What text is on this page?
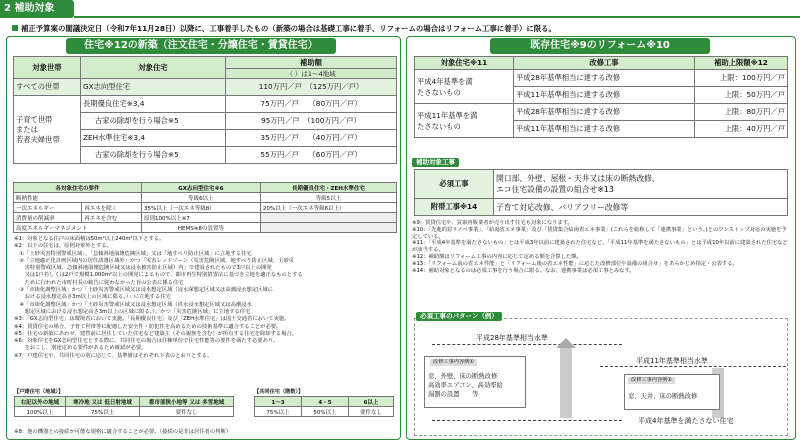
2 補助対象
補正予算案の閣議決定日（令和7年11月28日）以降に、工事着手したもの（新築の場合は基礎工事に着手、リフォームの場合はリフォーム工事に着手）に限る。
住宅※12の新築（注文住宅・分譲住宅・賃貸住宅）
対象世帯	対象住宅	補助額
		（ ）は1～4地域
すべての世帯	GX志向型住宅	110万円／戸　（125万円／戸）

子育て世帯
または
若者夫婦世帯	長期優良住宅※3,4	75万円／戸　 （80万円／戸）
	古家の除却を行う場合※5	95万円／戸　（100万円／戸）
	ZEH水準住宅※3,4	35万円／戸　 （40万円／戸）
	古家の除却を行う場合※5	55万円／戸　 （60万円／戸）
各対象住宅の要件		GX志向型住宅※6	長期優良住宅・ZEH水準住宅
断熱性能		等級6以上	等級5以上
一次エネルギー	再エネを除く	35%以上（一次エネ等級8）	20%以上（一次エネ等級6以上）
消費量の削減率	再エネを含む	原則100%以上※7	
高度エネルギーマネジメント		HEMS※8の設置等	
※1：対象となる住戸の床面積は50m²以上240m²以下とする。
※2：以下の住宅は、原則対象外とする。
　①「土砂災害特別警戒区域」、「急傾斜地崩壊危険区域」又は「地すべり防止区域」に立地する住宅
　②「立地適正化計画区域内の居住誘導区域外」かつ「災害レッドゾーン（災害危険区域、地すべり防止区域、土砂災
　　害特別警戒区域、急傾斜地崩壊危険区域又は浸水被害防止区域）内」で建設されたもので3戸以上の開発
　　又は1戸若しくは2戸で規模1,000m²以上の開発によるもので、都市再生特別措置法に基づき立地を適正なものとする
　　ために行われた市町村長の勧告に従わなかった旨の公表に係る住宅
　③「市街化調整区域」かつ「土砂災害警戒区域又は浸水想定区域（浸水深想定区域又は高潮浸水想定区域に
　　おける浸水想定高さ3m以上の区域に限る。）」に立地する住宅
　④「市街化調整区域」かつ「土砂災害警戒区域又は浸水想定区域（洪水浸水想定区域又は高潮浸水
　　想定区域における浸水想定高さ3m以上の区域に限る。）」かつ「災害危険区域」に立地する住宅
※3：「GX志向型住宅」は環境省において実施。「長期優良住宅」及び「ZEH水準住宅」は国土交通省において実施。
※4：賃貸住宅の場合、子育て世帯等に配慮した安全性・防犯性を高めるための技術基準に適合することが必要。
※5：住宅の新築にあわせ、建替前に居住していた住宅など建築主（その親族を含む）が所有する住宅を除却する場合。
※6：対象住宅をGX志向型住宅とする際に、共同住宅の場合は住棟単位で住宅性能等の要件を満たす必要あり。
　　をおこし、別途定める要件があるため確認が必要。
※7：戸建住宅や、共同住宅の別に応じて、基準値はそれぞれ下表のとおりとする。
【戸建住宅（地域）】
右記以外の地域	寒冷地 又は 低日射地域	都市部狭小地等 又は 多雪地域
100%以上	75%以上	要件なし
【共同住宅（階数）】
1～3	4・5	6以上
75%以上	50%以上	要件なし
※8：他の機器との接続が可能な規格に適合することが必要。（接続の是非は居住者の判断）
既存住宅※9のリフォーム※10
対象住宅※11	改修工事	補助上限額※12

平成4年基準を満
たさないもの	平成28年基準相当に達する改修	上限：100万円／戸
	平成11年基準相当に達する改修	上限：50万円／戸

平成11年基準を満
たさないもの	平成28年基準相当に達する改修	上限：80万円／戸
	平成11年基準相当に達する改修	上限：40万円／戸
補助対象工事
必須工事	開口部、外壁、屋根・天井又は床の断熱改修、
エコ住宅設備の設置の組合せ※13

附帯工事※14	子育て対応改修、バリアフリー改修等
※9：賃貸住宅や、買取再販業者が売り出す住宅も対象になります。
※10：「先進的窓リノベ事業」、「給湯省エネ事業」及び「賃貸集合給湯省エネ事業」(これらを総称して「連携事業」という。)とのワンストップ対応の実施を予定している。
※11：「平成4年基準を満たさないもの」とは平成3年以前に建築された住宅など、「平成11年基準を満たさないもの」とは平成10年以前に建築された住宅などが該当する。
※12：補助額はリフォーム工事の内容に応じて定める額を合算した額。
※13：「リフォーム前の省エネ性能」と「リフォーム後の省エネ性能」に応じた改修部位や設備の組合せ」をあらかじめ指定・公表する。
※14：補助対象となるのは必須工事を行う場合に限る。なお、連携事業は必須工事とみなす。
必須工事のパターン（例）
平成28年基準相当水準
平成11年基準相当水準
改修工事内容例①
窓、外壁、床の断熱改修
高効率エアコン、高効率給
湯器の設置　　等
改修工事内容例②
窓、天井、床の断熱改修
平成4年基準を満たさない住宅
